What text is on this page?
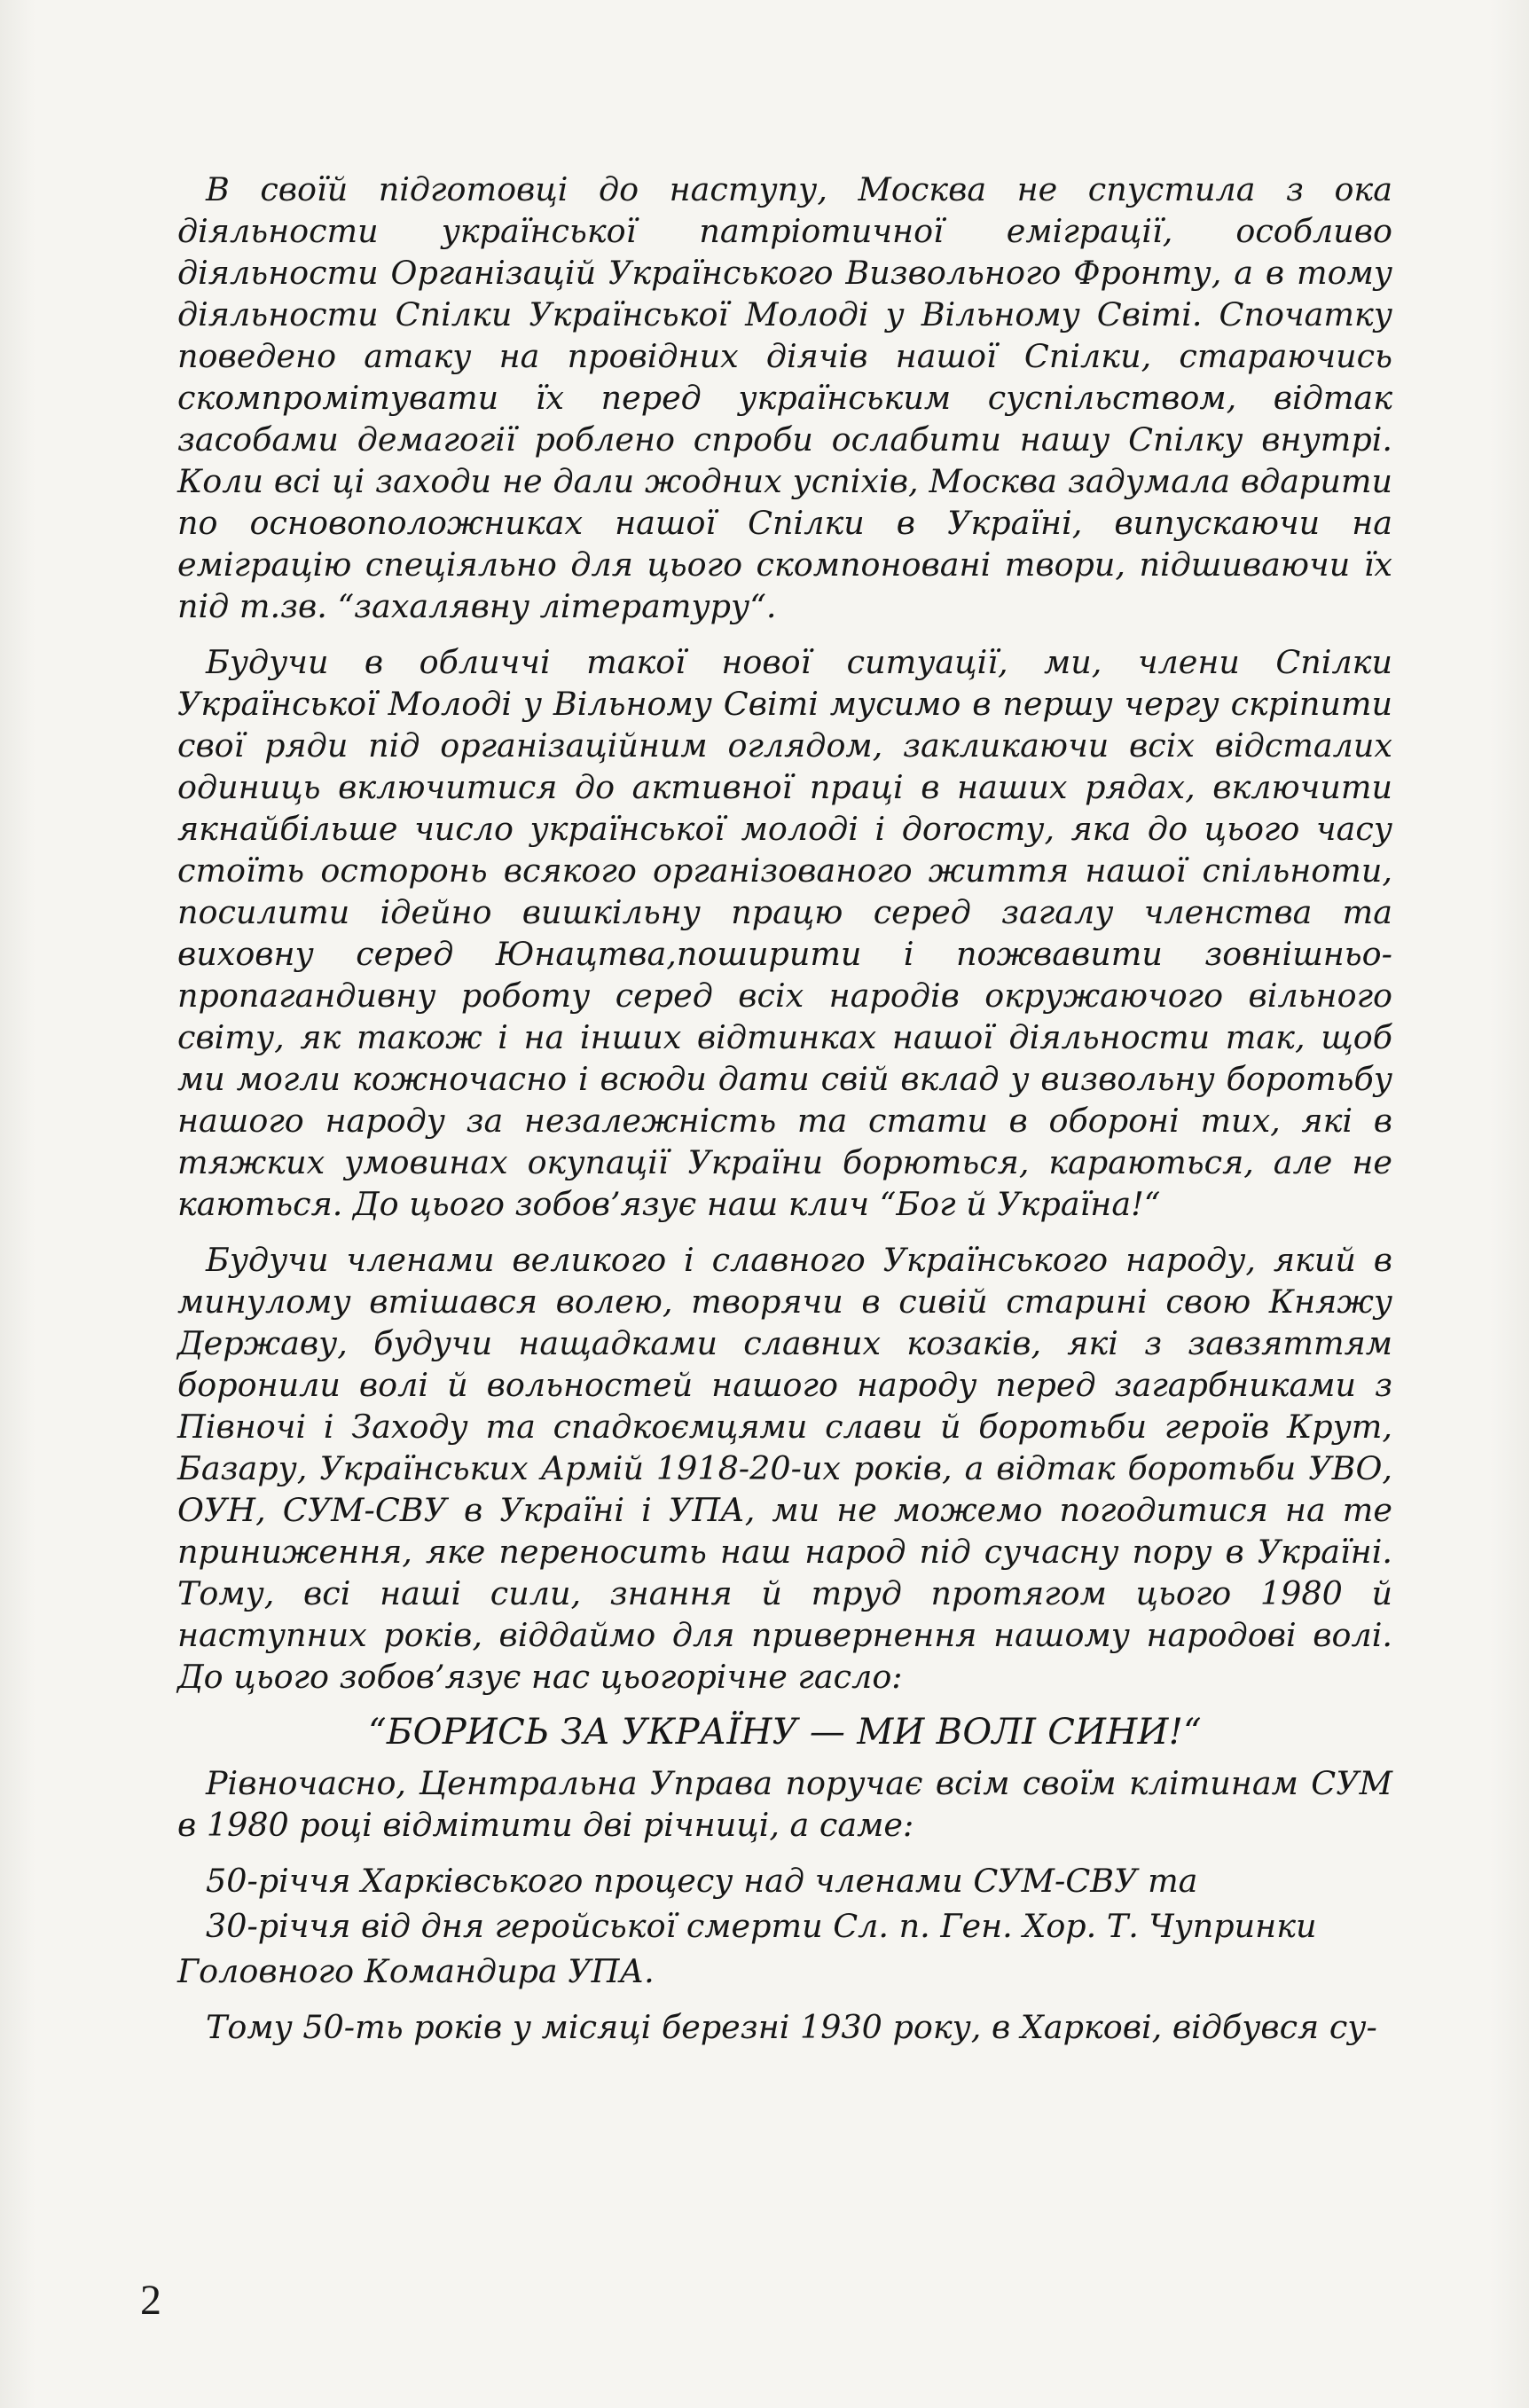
В своїй підготовці до наступу, Москва не спустила з ока діяльности української патріотичної еміграції, особливо діяльности Організацій Українського Визвольного Фронту, а в тому діяльности Спілки Української Молоді у Вільному Світі. Спочатку поведено атаку на провідних діячів нашої Спілки, старaючись скомпромітувати їх перед українським суспільством, відтак засобами демагогії роблено спроби ослабити нашу Спілку внутрі. Коли всі ці заходи не дали жодних успіхів, Москва задумала вдарити по основоположниках нашої Спілки в Україні, випускаючи на еміграцію спеціяльно для цього скомпоновані твори, підшиваючи їх під т.зв. “захалявну літературу“.

Будучи в обличчі такої нової ситуації, ми, члени Спілки Української Молоді у Вільному Світі мусимо в першу чергу скріпити свої ряди під організаційним оглядом, закликаючи всіх відсталих одиниць включитися до активної праці в наших рядах, включити якнайбільше число української молоді і дorосту, яка до цього часу стоїть осторонь всякого організованого життя нашої спільноти, посилити ідейно вишкільну працю серед загалу членства та виховну серед Юнацтва,поширити і пожвавити зовнішньо-пропагандивну роботу серед всіх народів окружаючого вільного світу, як також і на інших відтинках нашої діяльности так, щоб ми могли кожночасно і всюди дати свій вклад у визвольну боротьбу нашого народу за незалежність та стати в обороні тих, які в тяжких умовинах окупації України борються, караються, але не каються. До цього зобов’язує наш клич “Бог й Україна!“

Будучи членами великого і славного Українського народу, який в минулому втішався волею, творячи в сивій старині свою Княжу Державу, будучи нащадками славних козаків, які з завзяттям боронили волі й вольностей нашого народу перед загарбниками з Півночі і Заходу та спадкоємцями слави й боротьби героїв Крут, Базару, Українських Армій 1918-20-их років, а відтак боротьби УВО, ОУН, СУМ-СВУ в Україні і УПА, ми не можемо погодитися на те приниження, яке переносить наш народ під сучасну пору в Україні. Тому, всі наші сили, знання й труд протягом цього 1980 й наступних років, віддаймо для привернення нашому народові волі. До цього зобов’язує нас цьогорічне гасло:

“БОРИСЬ ЗА УКРАЇНУ — МИ ВОЛІ СИНИ!“

Рівночасно, Центральна Управа поручає всім своїм клітинам СУМ в 1980 році відмітити дві річниці, а саме:

50-річчя Харківського процесу над членами СУМ-СВУ та

30-річчя від дня геройської смерти Сл. п. Ген. Хор. Т. Чупринки

Головного Командира УПА.

Тому 50-ть років у місяці березні 1930 року, в Харкові, відбувся су-

2
